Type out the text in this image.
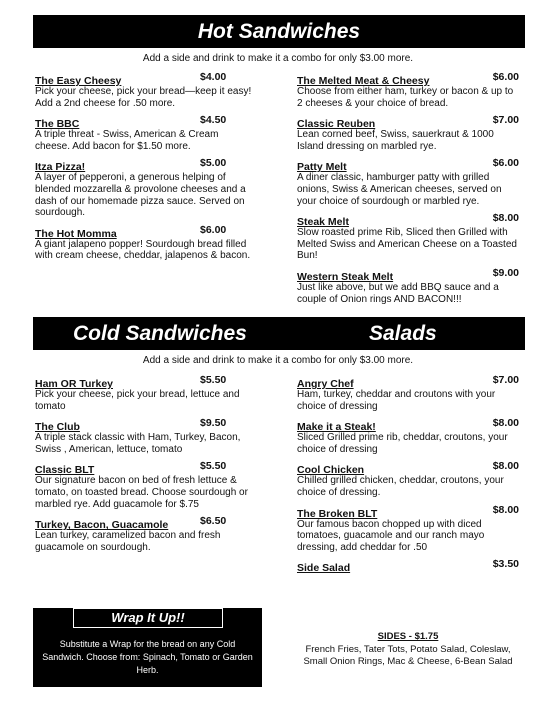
Hot Sandwiches
Add a side and drink to make it a combo for only $3.00 more.
The Easy Cheesy	$4.00
Pick your cheese, pick your bread—keep it easy! Add a 2nd cheese for .50 more.
The BBC	$4.50
A triple threat - Swiss, American & Cream cheese. Add bacon for $1.50 more.
Itza Pizza!	$5.00
A layer of pepperoni, a generous helping of blended mozzarella & provolone cheeses and a dash of our homemade pizza sauce. Served on sourdough.
The Hot Momma	$6.00
A giant jalapeno popper! Sourdough bread filled with cream cheese, cheddar, jalapenos & bacon.
The Melted Meat & Cheesy	$6.00
Choose from either ham, turkey or bacon & up to 2 cheeses & your choice of bread.
Classic Reuben	$7.00
Lean corned beef, Swiss, sauerkraut & 1000 Island dressing on marbled rye.
Patty Melt	$6.00
A diner classic, hamburger patty with grilled onions, Swiss & American cheeses, served on your choice of sourdough or marbled rye.
Steak Melt	$8.00
Slow roasted prime Rib, Sliced then Grilled with Melted Swiss and American Cheese on a Toasted Bun!
Western Steak Melt	$9.00
Just like above, but we add BBQ sauce and a couple of Onion rings AND BACON!!!
Cold Sandwiches	Salads
Add a side and drink to make it a combo for only $3.00 more.
Ham OR Turkey	$5.50
Pick your cheese, pick your bread, lettuce and tomato
The Club	$9.50
A triple stack classic with Ham, Turkey, Bacon, Swiss , American, lettuce, tomato
Classic BLT	$5.50
Our signature bacon on bed of fresh lettuce & tomato, on toasted bread. Choose sourdough or marbled rye. Add guacamole for $.75
Turkey, Bacon, Guacamole	$6.50
Lean turkey, caramelized bacon and fresh guacamole on sourdough.
Angry Chef	$7.00
Ham, turkey, cheddar and croutons with your choice of dressing
Make it a Steak!	$8.00
Sliced Grilled prime rib, cheddar, croutons, your choice of dressing
Cool Chicken	$8.00
Chilled grilled chicken, cheddar, croutons, your choice of dressing.
The Broken BLT	$8.00
Our famous bacon chopped up with diced tomatoes, guacamole and our ranch mayo dressing, add cheddar for .50
Side Salad	$3.50
Wrap It Up!!
Substitute a Wrap for the bread on any Cold Sandwich. Choose from: Spinach, Tomato or Garden Herb.
SIDES - $1.75
French Fries, Tater Tots, Potato Salad, Coleslaw, Small Onion Rings, Mac & Cheese, 6-Bean Salad
